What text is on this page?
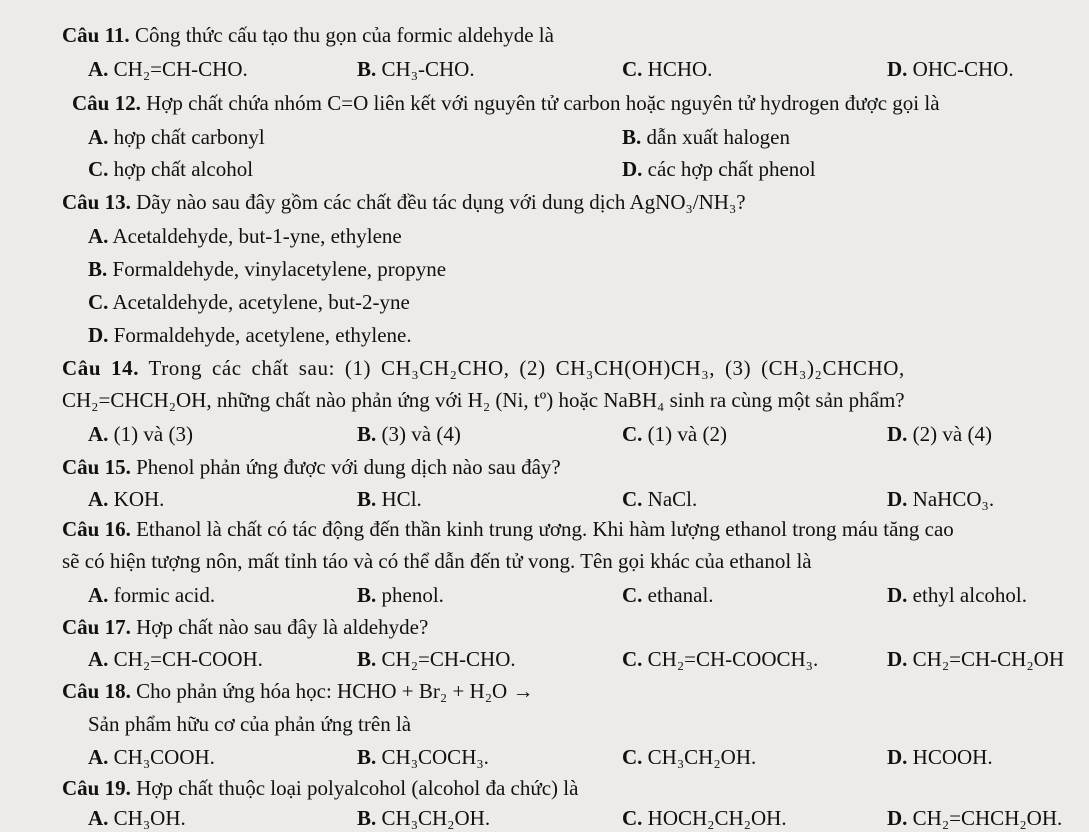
Câu 11. Công thức cấu tạo thu gọn của formic aldehyde là
A. CH₂=CH-CHO.	B. CH₃-CHO.	C. HCHO.	D. OHC-CHO.
Câu 12. Hợp chất chứa nhóm C=O liên kết với nguyên tử carbon hoặc nguyên tử hydrogen được gọi là
A. hợp chất carbonyl	B. dẫn xuất halogen
C. hợp chất alcohol	D. các hợp chất phenol
Câu 13. Dãy nào sau đây gồm các chất đều tác dụng với dung dịch AgNO₃/NH₃?
A. Acetaldehyde, but-1-yne, ethylene
B. Formaldehyde, vinylacetylene, propyne
C. Acetaldehyde, acetylene, but-2-yne
D. Formaldehyde, acetylene, ethylene.
Câu 14. Trong các chất sau: (1) CH₃CH₂CHO, (2) CH₃CH(OH)CH₃, (3) (CH₃)₂CHCHO,
CH₂=CHCH₂OH, những chất nào phản ứng với H₂ (Ni, tº) hoặc NaBH₄ sinh ra cùng một sản phẩm?
A. (1) và (3)	B. (3) và (4)	C. (1) và (2)	D. (2) và (4)
Câu 15. Phenol phản ứng được với dung dịch nào sau đây?
A. KOH.	B. HCl.	C. NaCl.	D. NaHCO₃.
Câu 16. Ethanol là chất có tác động đến thần kinh trung ương. Khi hàm lượng ethanol trong máu tăng cao
sẽ có hiện tượng nôn, mất tỉnh táo và có thể dẫn đến tử vong. Tên gọi khác của ethanol là
A. formic acid.	B. phenol.	C. ethanal.	D. ethyl alcohol.
Câu 17. Hợp chất nào sau đây là aldehyde?
A. CH₂=CH-COOH.	B. CH₂=CH-CHO.	C. CH₂=CH-COOCH₃.	D. CH₂=CH-CH₂OH
Câu 18. Cho phản ứng hóa học: HCHO + Br₂ + H₂O →
Sản phẩm hữu cơ của phản ứng trên là
A. CH₃COOH.	B. CH₃COCH₃.	C. CH₃CH₂OH.	D. HCOOH.
Câu 19. Hợp chất thuộc loại polyalcohol (alcohol đa chức) là
A. CH₃OH.	B. CH₃CH₂OH.	C. HOCH₂CH₂OH.	D. CH₂=CHCH₂OH.
